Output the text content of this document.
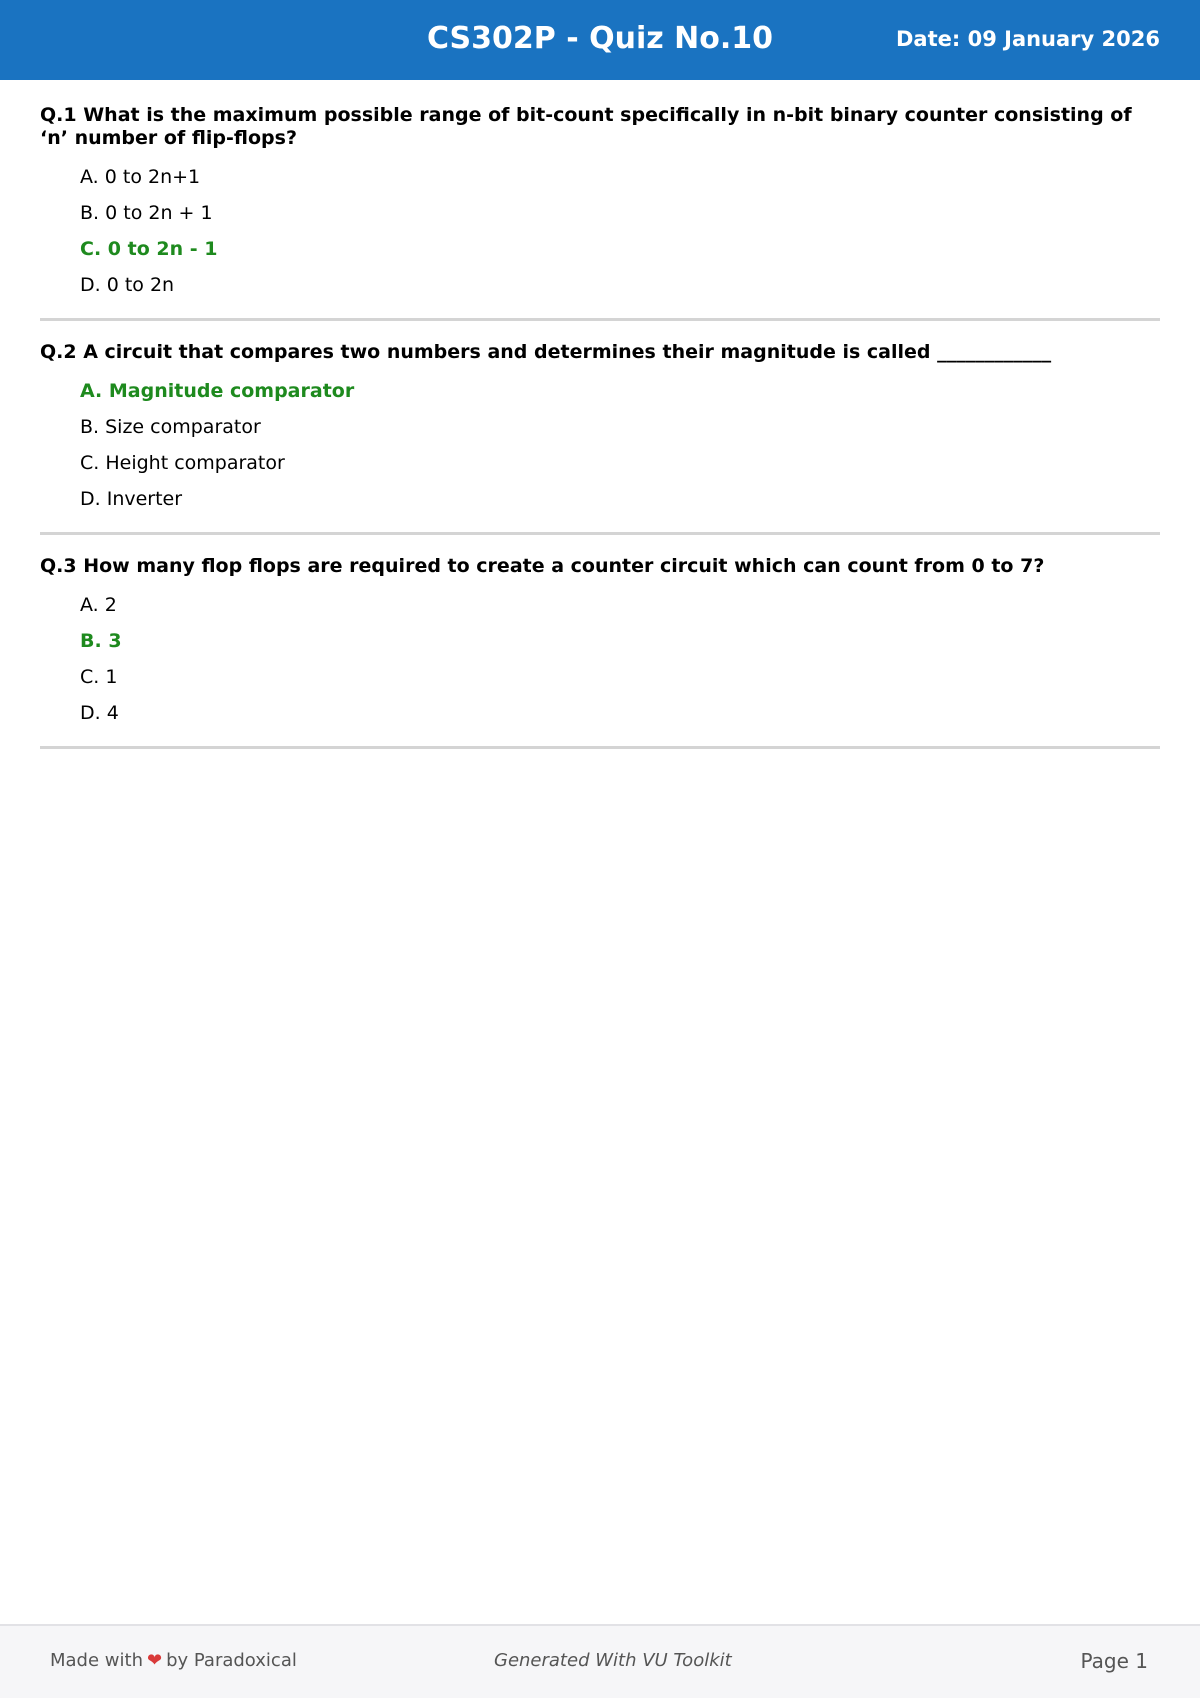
CS302P - Quiz No.10	Date: 09 January 2026
Q.1 What is the maximum possible range of bit-count specifically in n-bit binary counter consisting of ‘n’ number of flip-flops?
A. 0 to 2n+1
B. 0 to 2n + 1
C. 0 to 2n - 1
D. 0 to 2n
Q.2 A circuit that compares two numbers and determines their magnitude is called ____________
A. Magnitude comparator
B. Size comparator
C. Height comparator
D. Inverter
Q.3 How many flop flops are required to create a counter circuit which can count from 0 to 7?
A. 2
B. 3
C. 1
D. 4
Made with ❤ by Paradoxical	Generated With VU Toolkit	Page 1
